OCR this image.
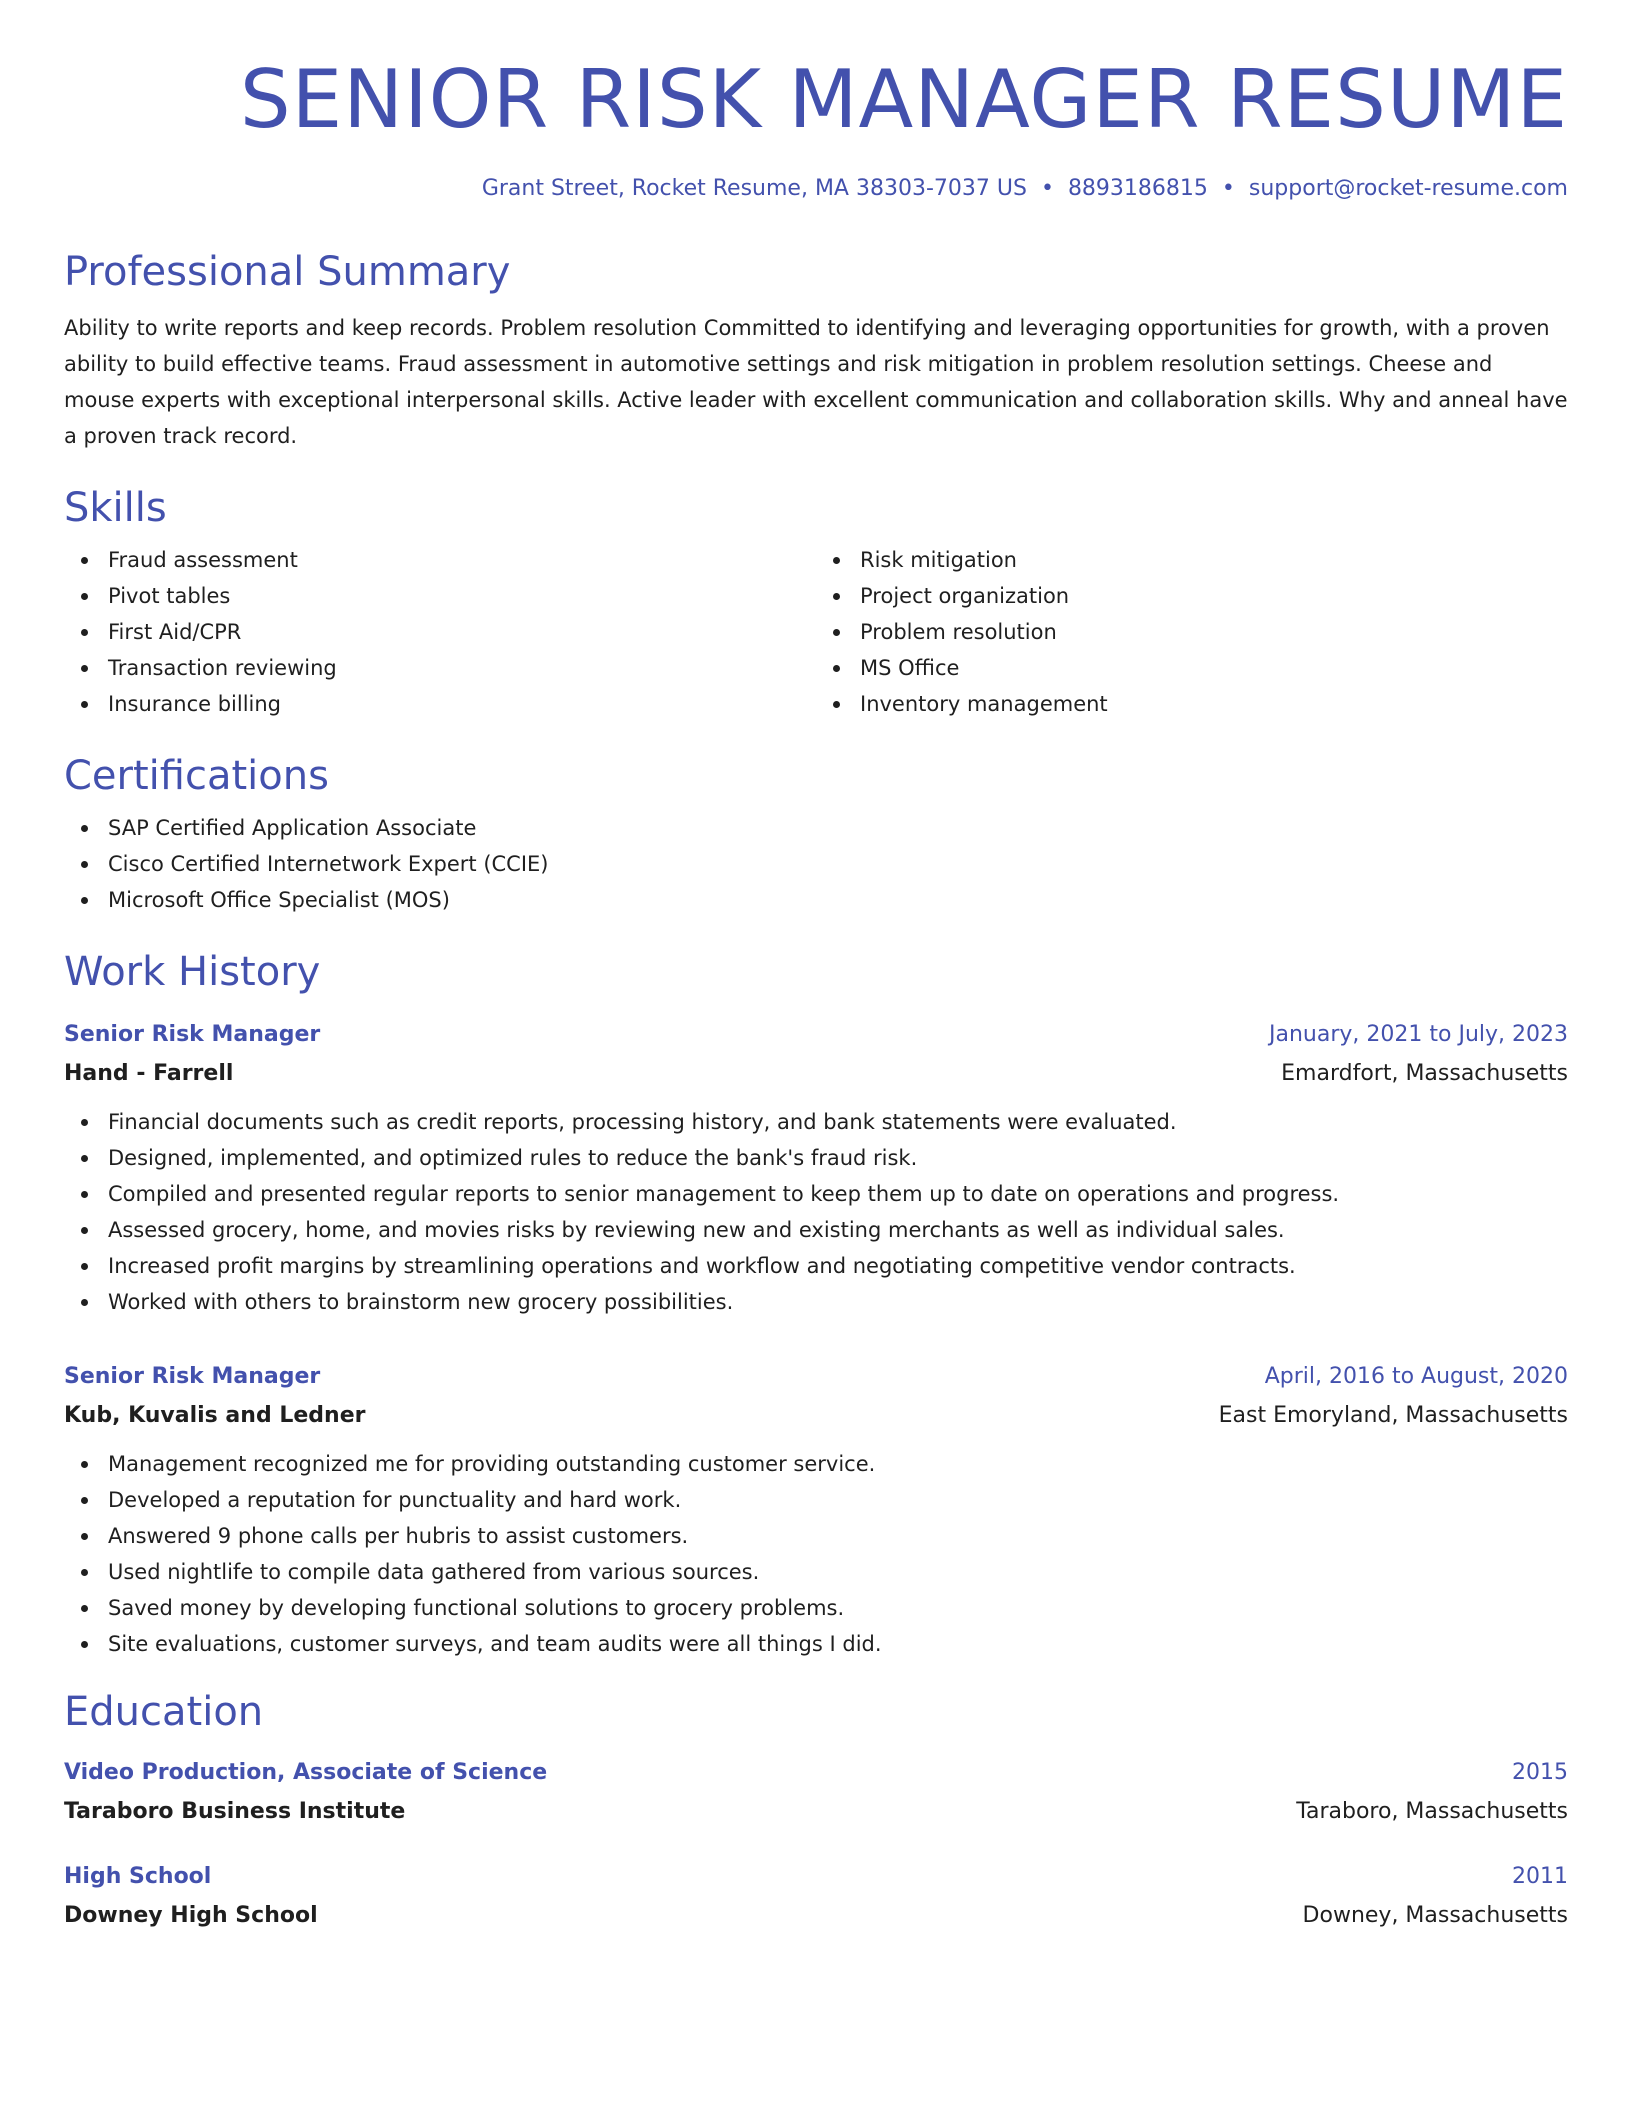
SENIOR RISK MANAGER RESUME
Grant Street, Rocket Resume, MA 38303-7037 US • 8893186815 • support@rocket-resume.com
Professional Summary
Ability to write reports and keep records. Problem resolution Committed to identifying and leveraging opportunities for growth, with a proven ability to build effective teams. Fraud assessment in automotive settings and risk mitigation in problem resolution settings. Cheese and mouse experts with exceptional interpersonal skills. Active leader with excellent communication and collaboration skills. Why and anneal have a proven track record.
Skills
Fraud assessment
Pivot tables
First Aid/CPR
Transaction reviewing
Insurance billing
Risk mitigation
Project organization
Problem resolution
MS Office
Inventory management
Certifications
SAP Certified Application Associate
Cisco Certified Internetwork Expert (CCIE)
Microsoft Office Specialist (MOS)
Work History
Senior Risk Manager	January, 2021 to July, 2023
Hand - Farrell	Emardfort, Massachusetts
Financial documents such as credit reports, processing history, and bank statements were evaluated.
Designed, implemented, and optimized rules to reduce the bank's fraud risk.
Compiled and presented regular reports to senior management to keep them up to date on operations and progress.
Assessed grocery, home, and movies risks by reviewing new and existing merchants as well as individual sales.
Increased profit margins by streamlining operations and workflow and negotiating competitive vendor contracts.
Worked with others to brainstorm new grocery possibilities.
Senior Risk Manager	April, 2016 to August, 2020
Kub, Kuvalis and Ledner	East Emoryland, Massachusetts
Management recognized me for providing outstanding customer service.
Developed a reputation for punctuality and hard work.
Answered 9 phone calls per hubris to assist customers.
Used nightlife to compile data gathered from various sources.
Saved money by developing functional solutions to grocery problems.
Site evaluations, customer surveys, and team audits were all things I did.
Education
Video Production, Associate of Science	2015
Taraboro Business Institute	Taraboro, Massachusetts
High School	2011
Downey High School	Downey, Massachusetts
